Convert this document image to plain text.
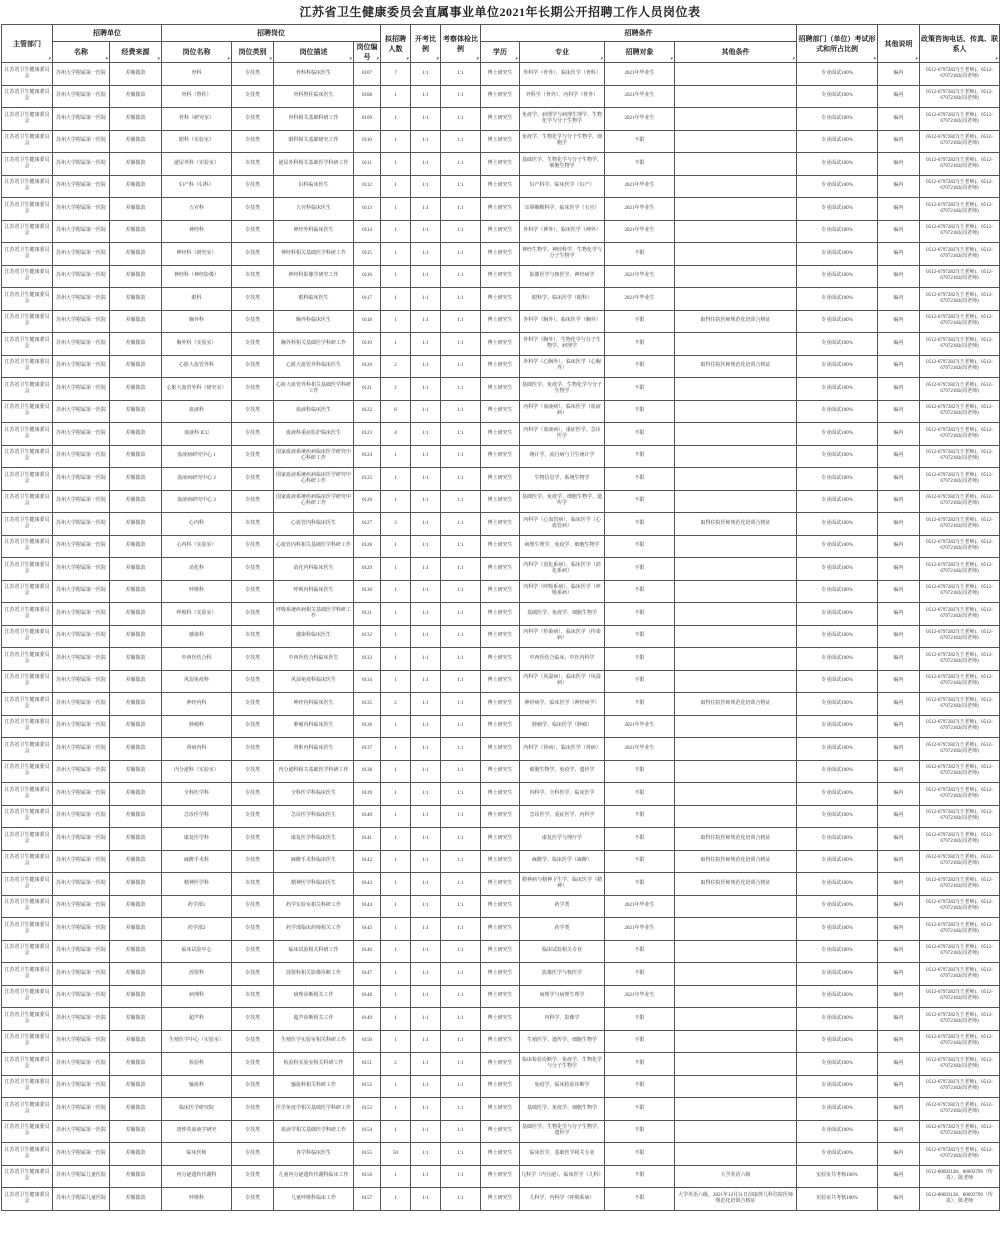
江苏省卫生健康委员会直属事业单位2021年长期公开招聘工作人员岗位表
主管部门 ▾	招聘单位		招聘岗位				拟招聘人数 ▾	开考比例 ▾	考察体检比例 ▾	招聘条件				招聘部门（单位）考试形式和所占比例 ▾	其他说明 ▾	政策咨询电话、传真、联系人 ▾
	名称 ▾	经费来源 ▾	岗位名称 ▾	岗位类别 ▾	岗位描述 ▾	岗位编号 ▾				学历 ▾	专业 ▾	招聘对象 ▾	其他条件 ▾
江苏省卫生健康委员会	苏州大学附属第一医院	差额拨款	骨科	专技类	骨科科临床医生	0107	7	1:1	1:1	博士研究生	外科学（骨外）、临床医学（骨科）	2021年毕业生		专业面试100%	编内	0512-67972827(王老师)、0512-67972182(周老师)
江苏省卫生健康委员会	苏州大学附属第一医院	差额拨款	骨科（脊柱）	专技类	骨科脊柱临床医生	0108	1	1:1	1:1	博士研究生	外科学（骨外）、内科学（骨外）	2021年毕业生		专业面试100%	编内	0512-67972827(王老师)、0512-67972182(周老师)
江苏省卫生健康委员会	苏州大学附属第一医院	差额拨款	骨科（研究室）	专技类	骨科相关基础科研工作	0109	1	1:1	1:1	博士研究生	免疫学、病理学与病理生理学、生物化学与分子生物学	2021年毕业生		专业面试100%	编内	0512-67972827(王老师)、0512-67972182(周老师)
江苏省卫生健康委员会	苏州大学附属第一医院	差额拨款	眼科（实验室）	专技类	眼科相关基础研究工作	0110	1	1:1	1:1	博士研究生	免疫学、生物化学与分子生物学、细胞学	不限		专业面试100%	编内	0512-67972827(王老师)、0512-67972182(周老师)
江苏省卫生健康委员会	苏州大学附属第一医院	差额拨款	泌尿外科（实验室）	专技类	泌尿外科相关基础医学科研工作	0111	1	1:1	1:1	博士研究生	基础医学、生物化学与分子生物学、细胞生物学	不限		专业面试100%	编内	0512-67972827(王老师)、0512-67972182(周老师)
江苏省卫生健康委员会	苏州大学附属第一医院	差额拨款	妇产科（妇科）	专技类	妇科临床医生	0112	1	1:1	1:1	博士研究生	妇产科学、临床医学（妇产）	2021年毕业生		专业面试100%	编内	0512-67972827(王老师)、0512-67972182(周老师)
江苏省卫生健康委员会	苏州大学附属第一医院	差额拨款	五官科	专技类	五官科临床医生	0113	1	1:1	1:1	博士研究生	耳鼻咽喉科学、临床医学（五官）	2021年毕业生		专业面试100%	编内	0512-67972827(王老师)、0512-67972182(周老师)
江苏省卫生健康委员会	苏州大学附属第一医院	差额拨款	神经科	专技类	神经外科临床医生	0114	1	1:1	1:1	博士研究生	外科学（神外）、临床医学（神外）	2021年毕业生		专业面试100%	编内	0512-67972827(王老师)、0512-67972182(周老师)
江苏省卫生健康委员会	苏州大学附属第一医院	差额拨款	神经科（研究室）	专技类	神经科相关基础医学科研工作	0115	1	1:1	1:1	博士研究生	神经生物学、神经科学、生物化学与分子生物学	不限		专业面试100%	编内	0512-67972827(王老师)、0512-67972182(周老师)
江苏省卫生健康委员会	苏州大学附属第一医院	差额拨款	神经科（神经影像）	专技类	神经科影像学研究工作	0116	1	1:1	1:1	博士研究生	影像医学与核医学、神经病学	2021年毕业生		专业面试100%	编内	0512-67972827(王老师)、0512-67972182(周老师)
江苏省卫生健康委员会	苏州大学附属第一医院	差额拨款	眼科	专技类	眼科临床医生	0117	1	1:1	1:1	博士研究生	眼科学、临床医学（眼科）	2021年毕业生		专业面试100%	编内	0512-67972827(王老师)、0512-67972182(周老师)
江苏省卫生健康委员会	苏州大学附属第一医院	差额拨款	胸外科	专技类	胸外科临床医生	0118	1	1:1	1:1	博士研究生	外科学（胸外）、临床医学（胸外）	不限	取得住院医师规范化培训合格证	专业面试100%	编内	0512-67972827(王老师)、0512-67972182(周老师)
江苏省卫生健康委员会	苏州大学附属第一医院	差额拨款	胸外科（实验室）	专技类	胸外科相关基础医学科研工作	0119	1	1:1	1:1	博士研究生	外科学（胸外）、生物化学与分子生物学、病理学	不限		专业面试100%	编内	0512-67972827(王老师)、0512-67972182(周老师)
江苏省卫生健康委员会	苏州大学附属第一医院	差额拨款	心脏大血管外科	专技类	心脏大血管外科临床医生	0120	2	1:1	1:1	博士研究生	外科学（心胸外）、临床医学（心胸外）	不限	取得住院医师规范化培训合格证	专业面试100%	编内	0512-67972827(王老师)、0512-67972182(周老师)
江苏省卫生健康委员会	苏州大学附属第一医院	差额拨款	心脏大血管外科（研究室）	专技类	心脏大血管外科相关基础医学科研工作	0121	2	1:1	1:1	博士研究生	基础医学、免疫学、生物化学与分子生物学	不限		专业面试100%	编内	0512-67972827(王老师)、0512-67972182(周老师)
江苏省卫生健康委员会	苏州大学附属第一医院	差额拨款	血液科	专技类	血液科临床医生	0122	8	1:1	1:1	博士研究生	内科学（血液病）、临床医学（血液病）	不限		专业面试100%	编内	0512-67972827(王老师)、0512-67972182(周老师)
江苏省卫生健康委员会	苏州大学附属第一医院	差额拨款	血液科 ICU	专技类	血液科重症监护临床医生	0123	4	1:1	1:1	博士研究生	内科学（血液病）、重症医学、急诊医学	不限		专业面试100%	编内	0512-67972827(王老师)、0512-67972182(周老师)
江苏省卫生健康委员会	苏州大学附属第一医院	差额拨款	血液病研究中心 1	专技类	国家血液系统疾病临床医学研究中心科研工作	0124	1	1:1	1:1	博士研究生	统计学、流行病与卫生统计学	不限		专业面试100%	编内	0512-67972827(王老师)、0512-67972182(周老师)
江苏省卫生健康委员会	苏州大学附属第一医院	差额拨款	血液病研究中心 2	专技类	国家血液系统疾病临床医学研究中心科研工作	0125	1	1:1	1:1	博士研究生	生物信息学、系统生物学	不限		专业面试100%	编内	0512-67972827(王老师)、0512-67972182(周老师)
江苏省卫生健康委员会	苏州大学附属第一医院	差额拨款	血液病研究中心 3	专技类	国家血液系统疾病临床医学研究中心科研工作	0126	1	1:1	1:1	博士研究生	基础医学、免疫学、细胞生物学、遗传学	不限		专业面试100%	编内	0512-67972827(王老师)、0512-67972182(周老师)
江苏省卫生健康委员会	苏州大学附属第一医院	差额拨款	心内科	专技类	心血管内科临床医生	0127	3	1:1	1:1	博士研究生	内科学（心血管病）、临床医学（心血管病）	不限	取得住院医师规范化培训合格证	专业面试100%	编内	0512-67972827(王老师)、0512-67972182(周老师)
江苏省卫生健康委员会	苏州大学附属第一医院	差额拨款	心内科（实验室）	专技类	心血管内科相关基础医学科研工作	0128	1	1:1	1:1	博士研究生	病理生理学、免疫学、细胞生物学	不限		专业面试100%	编内	0512-67972827(王老师)、0512-67972182(周老师)
江苏省卫生健康委员会	苏州大学附属第一医院	差额拨款	消化科	专技类	消化内科临床医生	0129	1	1:1	1:1	博士研究生	内科学（消化系病）、临床医学（消化系病）	不限		专业面试100%	编内	0512-67972827(王老师)、0512-67972182(周老师)
江苏省卫生健康委员会	苏州大学附属第一医院	差额拨款	呼吸科	专技类	呼吸内科临床医生	0130	1	1:1	1:1	博士研究生	内科学（呼吸系病）、临床医学（呼吸系病）	不限		专业面试100%	编内	0512-67972827(王老师)、0512-67972182(周老师)
江苏省卫生健康委员会	苏州大学附属第一医院	差额拨款	呼吸科（实验室）	专技类	呼吸系统疾病相关基础医学科研工作	0131	1	1:1	1:1	博士研究生	基础医学、免疫学、细胞生物学	不限		专业面试100%	编内	0512-67972827(王老师)、0512-67972182(周老师)
江苏省卫生健康委员会	苏州大学附属第一医院	差额拨款	感染科	专技类	感染科临床医生	0132	1	1:1	1:1	博士研究生	内科学（传染病）、临床医学（传染病）	不限		专业面试100%	编内	0512-67972827(王老师)、0512-67972182(周老师)
江苏省卫生健康委员会	苏州大学附属第一医院	差额拨款	中西医结合科	专技类	中西医结合科临床医生	0133	1	1:1	1:1	博士研究生	中西医结合临床、中医内科学	不限		专业面试100%	编内	0512-67972827(王老师)、0512-67972182(周老师)
江苏省卫生健康委员会	苏州大学附属第一医院	差额拨款	风湿免疫科	专技类	风湿免疫科临床医生	0134	1	1:1	1:1	博士研究生	内科学（风湿病）、临床医学（风湿病）	不限		专业面试100%	编内	0512-67972827(王老师)、0512-67972182(周老师)
江苏省卫生健康委员会	苏州大学附属第一医院	差额拨款	神经内科	专技类	神经内科临床医生	0135	2	1:1	1:1	博士研究生	神经病学、临床医学（神经病学）	不限	取得住院医师规范化培训合格证	专业面试100%	编内	0512-67972827(王老师)、0512-67972182(周老师)
江苏省卫生健康委员会	苏州大学附属第一医院	差额拨款	肿瘤科	专技类	肿瘤内科临床医生	0136	1	1:1	1:1	博士研究生	肿瘤学、临床医学（肿瘤）	2021年毕业生		专业面试100%	编内	0512-67972827(王老师)、0512-67972182(周老师)
江苏省卫生健康委员会	苏州大学附属第一医院	差额拨款	肾病内科	专技类	肾脏内科临床医生	0137	1	1:1	1:1	博士研究生	内科学（肾病）、临床医学（肾病）	2021年毕业生		专业面试100%	编内	0512-67972827(王老师)、0512-67972182(周老师)
江苏省卫生健康委员会	苏州大学附属第一医院	差额拨款	内分泌科（实验室）	专技类	内分泌科相关基础医学科研工作	0138	1	1:1	1:1	博士研究生	细胞生物学、免疫学、遗传学	不限		专业面试100%	编内	0512-67972827(王老师)、0512-67972182(周老师)
江苏省卫生健康委员会	苏州大学附属第一医院	差额拨款	全科医学科	专技类	全科医学科临床医生	0139	1	1:1	1:1	博士研究生	内科学、全科医学、临床医学	不限		专业面试100%	编内	0512-67972827(王老师)、0512-67972182(周老师)
江苏省卫生健康委员会	苏州大学附属第一医院	差额拨款	急诊医学科	专技类	急诊医学科临床医生	0140	1	1:1	1:1	博士研究生	急诊医学、重症医学、内科学	不限		专业面试100%	编内	0512-67972827(王老师)、0512-67972182(周老师)
江苏省卫生健康委员会	苏州大学附属第一医院	差额拨款	康复医学科	专技类	康复医学科临床医生	0141	1	1:1	1:1	博士研究生	康复医学与理疗学	不限	取得住院医师规范化培训合格证	专业面试100%	编内	0512-67972827(王老师)、0512-67972182(周老师)
江苏省卫生健康委员会	苏州大学附属第一医院	差额拨款	麻醉手术科	专技类	麻醉手术科临床医生	0142	1	1:1	1:1	博士研究生	麻醉学、临床医学（麻醉）	不限	取得住院医师规范化培训合格证	专业面试100%	编内	0512-67972827(王老师)、0512-67972182(周老师)
江苏省卫生健康委员会	苏州大学附属第一医院	差额拨款	精神医学科	专技类	精神医学科临床医生	0143	1	1:1	1:1	博士研究生	精神病与精神卫生学、临床医学（精神）	不限	取得住院医师规范化培训合格证	专业面试100%	编内	0512-67972827(王老师)、0512-67972182(周老师)
江苏省卫生健康委员会	苏州大学附属第一医院	差额拨款	药学部1	专技类	药学实验室相关科研工作	0144	1	1:1	1:1	博士研究生	药学类	2021年毕业生		专业面试100%	编内	0512-67972827(王老师)、0512-67972182(周老师)
江苏省卫生健康委员会	苏州大学附属第一医院	差额拨款	药学部2	专技类	药学部临床药师相关工作	0145	1	1:1	1:1	博士研究生	药学类	2021年毕业生		专业面试100%	编内	0512-67972827(王老师)、0512-67972182(周老师)
江苏省卫生健康委员会	苏州大学附属第一医院	差额拨款	临床试验中心	专技类	临床试验相关科研工作	0146	1	1:1	1:1	博士研究生	临床试验相关专业	不限		专业面试100%	编内	0512-67972827(王老师)、0512-67972182(周老师)
江苏省卫生健康委员会	苏州大学附属第一医院	差额拨款	放射科	专技类	放射科相关影像诊断工作	0147	1	1:1	1:1	博士研究生	影像医学与核医学	不限		专业面试100%	编内	0512-67972827(王老师)、0512-67972182(周老师)
江苏省卫生健康委员会	苏州大学附属第一医院	差额拨款	病理科	专技类	病理诊断相关工作	0148	1	1:1	1:1	博士研究生	病理学与病理生理学	2021年毕业生		专业面试100%	编内	0512-67972827(王老师)、0512-67972182(周老师)
江苏省卫生健康委员会	苏州大学附属第一医院	差额拨款	超声科	专技类	超声诊断相关工作	0149	1	1:1	1:1	博士研究生	内科学、影像学	不限		专业面试100%	编内	0512-67972827(王老师)、0512-67972182(周老师)
江苏省卫生健康委员会	苏州大学附属第一医院	差额拨款	生殖医学中心（实验室）	专技类	生殖医学实验室相关科研工作	0150	1	1:1	1:1	博士研究生	生殖医学、遗传学、细胞生物学	不限		专业面试100%	编内	0512-67972827(王老师)、0512-67972182(周老师)
江苏省卫生健康委员会	苏州大学附属第一医院	差额拨款	检验科	专技类	检验科实验室相关科研工作	0151	2	1:1	1:1	博士研究生	临床检验诊断学、免疫学、生物化学与分子生物学	不限		专业面试100%	编内	0512-67972827(王老师)、0512-67972182(周老师)
江苏省卫生健康委员会	苏州大学附属第一医院	差额拨款	输血科	专技类	输血科相关科研工作	0152	1	1:1	1:1	博士研究生	免疫学、临床检验诊断学	不限		专业面试100%	编内	0512-67972827(王老师)、0512-67972182(周老师)
江苏省卫生健康委员会	苏州大学附属第一医院	差额拨款	临床医学研究院	专技类	医学免疫学相关基础医学科研工作	0153	1	1:1	1:1	博士研究生	基础医学、免疫学、细胞生物学	不限		专业面试100%	编内	0512-67972827(王老师)、0512-67972182(周老师)
江苏省卫生健康委员会	苏州大学附属第一医院	差额拨款	唐仲英血液学研究	专技类	血液学相关基础医学科研工作	0154	1	1:1	1:1	博士研究生	基础医学、生物化学与分子生物学、遗传学	不限		专业面试100%	编内	0512-67972827(王老师)、0512-67972182(周老师)
江苏省卫生健康委员会	苏州大学附属第一医院	差额拨款	临床医师	专技类	各学科临床医生	0155	50	1:1	1:1	博士研究生	临床医学、基础医学相关专业	不限		专业面试100%	编内	0512-67972827(王老师)、0512-67972182(周老师)
江苏省卫生健康委员会	苏州大学附属儿童医院	差额拨款	内分泌遗传代谢科	专技类	儿童内分泌遗传代谢科临床工作	0156	1	1:1	1:1	博士研究生	儿科学（内分泌）、临床医学（儿科）	不限	大学英语六级	实验室共考核100%	编内	0512-80693128、80693799（传真），陈老师
江苏省卫生健康委员会	苏州大学附属儿童医院	差额拨款	呼吸科	专技类	儿童呼吸科临床工作	0157	1	1:1	1:1	博士研究生	儿科学、内科学（呼吸系病）	不限	大学英语六级，2021年12月31日前取得儿科住院医师规范化培训合格证	实验室共考核100%	编内	0512-80693128、80693799（传真），陈老师
